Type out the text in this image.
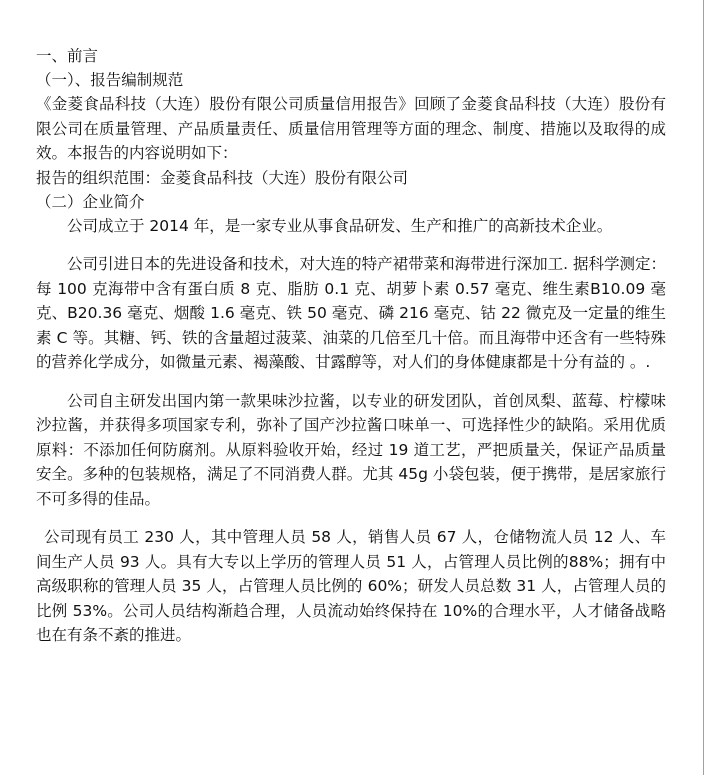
一、前言
（一）、报告编制规范
《金菱食品科技（大连）股份有限公司质量信用报告》回顾了金菱食品科技（大连）股份有限公司在质量管理、产品质量责任、质量信用管理等方面的理念、制度、措施以及取得的成效。本报告的内容说明如下：
报告的组织范围：金菱食品科技（大连）股份有限公司
（二）企业简介
公司成立于 2014 年，是一家专业从事食品研发、生产和推广的高新技术企业。
公司引进日本的先进设备和技术，对大连的特产裙带菜和海带进行深加工. 据科学测定：每 100 克海带中含有蛋白质 8 克、脂肪 0.1 克、胡萝卜素 0.57 毫克、维生素B10.09 毫克、B20.36 毫克、烟酸 1.6 毫克、铁 50 毫克、磷 216 毫克、钴 22 微克及一定量的维生素 C 等。其糖、钙、铁的含量超过菠菜、油菜的几倍至几十倍。而且海带中还含有一些特殊的营养化学成分，如微量元素、褐藻酸、甘露醇等，对人们的身体健康都是十分有益的 。.
公司自主研发出国内第一款果味沙拉酱，以专业的研发团队，首创凤梨、蓝莓、柠檬味沙拉酱，并获得多项国家专利，弥补了国产沙拉酱口味单一、可选择性少的缺陷。采用优质原料：不添加任何防腐剂。从原料验收开始，经过 19 道工艺，严把质量关，保证产品质量安全。多种的包装规格，满足了不同消费人群。尤其 45g 小袋包装，便于携带，是居家旅行不可多得的佳品。
公司现有员工 230 人，其中管理人员 58 人，销售人员 67 人，仓储物流人员 12 人、车间生产人员 93 人。具有大专以上学历的管理人员 51 人，占管理人员比例的88%；拥有中高级职称的管理人员 35 人，占管理人员比例的 60%；研发人员总数 31 人，占管理人员的比例 53%。公司人员结构渐趋合理，人员流动始终保持在 10%的合理水平，人才储备战略也在有条不紊的推进。
